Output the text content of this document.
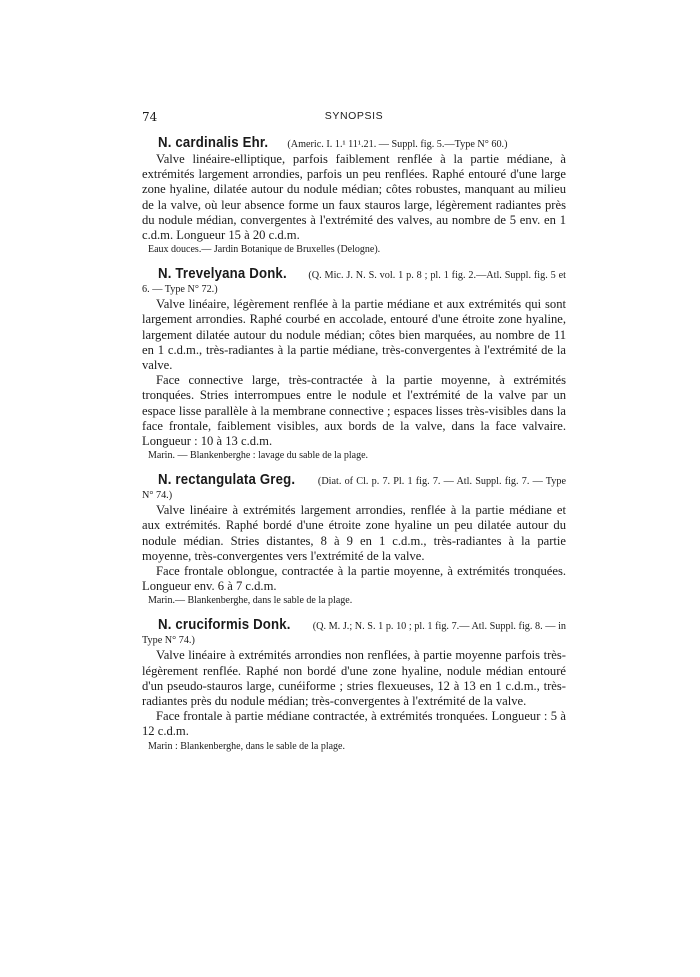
74	SYNOPSIS

N. cardinalis Ehr. (Americ. I. 1.¹ 11¹.21. — Suppl. fig. 5.—Type N° 60.)

Valve linéaire-elliptique, parfois faiblement renflée à la partie médiane, à extrémités largement arrondies, parfois un peu renflées. Raphé entouré d'une large zone hyaline, dilatée autour du nodule médian; côtes robustes, manquant au milieu de la valve, où leur absence forme un faux stauros large, légèrement radiantes près du nodule médian, convergentes à l'extrémité des valves, au nombre de 5 env. en 1 c.d.m. Longueur 15 à 20 c.d.m.

Eaux douces.— Jardin Botanique de Bruxelles (Delogne).

N. Trevelyana Donk. (Q. Mic. J. N. S. vol. 1 p. 8 ; pl. 1 fig. 2.—Atl. Suppl. fig. 5 et 6. — Type N° 72.)

Valve linéaire, légèrement renflée à la partie médiane et aux extrémités qui sont largement arrondies. Raphé courbé en accolade, entouré d'une étroite zone hyaline, largement dilatée autour du nodule médian; côtes bien marquées, au nombre de 11 en 1 c.d.m., très-radiantes à la partie médiane, très-convergentes à l'extrémité de la valve.

Face connective large, très-contractée à la partie moyenne, à extrémités tronquées. Stries interrompues entre le nodule et l'extrémité de la valve par un espace lisse parallèle à la membrane connective ; espaces lisses très-visibles dans la face frontale, faiblement visibles, aux bords de la valve, dans la face valvaire. Longueur : 10 à 13 c.d.m.

Marin. — Blankenberghe : lavage du sable de la plage.

N. rectangulata Greg. (Diat. of Cl. p. 7. Pl. 1 fig. 7. — Atl. Suppl. fig. 7. — Type N° 74.)

Valve linéaire à extrémités largement arrondies, renflée à la partie médiane et aux extrémités. Raphé bordé d'une étroite zone hyaline un peu dilatée autour du nodule médian. Stries distantes, 8 à 9 en 1 c.d.m., très-radiantes à la partie moyenne, très-convergentes vers l'extrémité de la valve.

Face frontale oblongue, contractée à la partie moyenne, à extrémités tronquées. Longueur env. 6 à 7 c.d.m.

Marin.— Blankenberghe, dans le sable de la plage.

N. cruciformis Donk. (Q. M. J.; N. S. 1 p. 10 ; pl. 1 fig. 7.— Atl. Suppl. fig. 8. — in Type N° 74.)

Valve linéaire à extrémités arrondies non renflées, à partie moyenne parfois très-légèrement renflée. Raphé non bordé d'une zone hyaline, nodule médian entouré d'un pseudo-stauros large, cunéiforme ; stries flexueuses, 12 à 13 en 1 c.d.m., très-radiantes près du nodule médian; très-convergentes à l'extrémité de la valve.

Face frontale à partie médiane contractée, à extrémités tronquées. Longueur : 5 à 12 c.d.m.

Marin : Blankenberghe, dans le sable de la plage.
